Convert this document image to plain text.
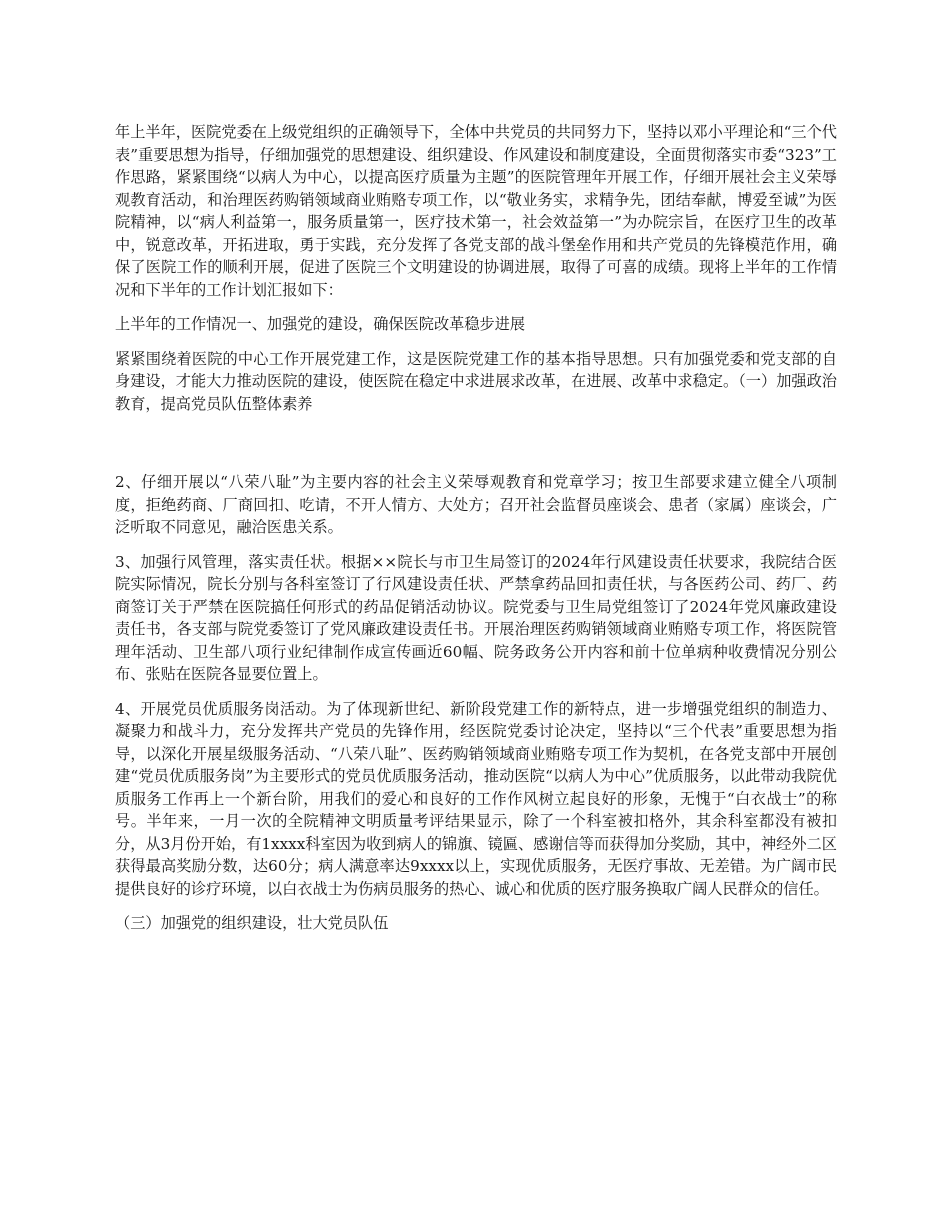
年上半年，医院党委在上级党组织的正确领导下，全体中共党员的共同努力下，坚持以邓小平理论和“三个代表”重要思想为指导，仔细加强党的思想建设、组织建设、作风建设和制度建设，全面贯彻落实市委“323”工作思路，紧紧围绕“以病人为中心，以提高医疗质量为主题”的医院管理年开展工作，仔细开展社会主义荣辱观教育活动，和治理医药购销领域商业贿赂专项工作，以“敬业务实，求精争先，团结奉献，博爱至诚”为医院精神，以“病人利益第一，服务质量第一，医疗技术第一，社会效益第一”为办院宗旨，在医疗卫生的改革中，锐意改革，开拓进取，勇于实践，充分发挥了各党支部的战斗堡垒作用和共产党员的先锋模范作用，确保了医院工作的顺利开展，促进了医院三个文明建设的协调进展，取得了可喜的成绩。现将上半年的工作情况和下半年的工作计划汇报如下：

上半年的工作情况一、加强党的建设，确保医院改革稳步进展

紧紧围绕着医院的中心工作开展党建工作，这是医院党建工作的基本指导思想。只有加强党委和党支部的自身建设，才能大力推动医院的建设，使医院在稳定中求进展求改革，在进展、改革中求稳定。（一）加强政治教育，提高党员队伍整体素养

2、仔细开展以“八荣八耻”为主要内容的社会主义荣辱观教育和党章学习；按卫生部要求建立健全八项制度，拒绝药商、厂商回扣、吃请，不开人情方、大处方；召开社会监督员座谈会、患者（家属）座谈会，广泛听取不同意见，融洽医患关系。

3、加强行风管理，落实责任状。根据××院长与市卫生局签订的2024年行风建设责任状要求，我院结合医院实际情况，院长分别与各科室签订了行风建设责任状、严禁拿药品回扣责任状，与各医药公司、药厂、药商签订关于严禁在医院搞任何形式的药品促销活动协议。院党委与卫生局党组签订了2024年党风廉政建设责任书，各支部与院党委签订了党风廉政建设责任书。开展治理医药购销领域商业贿赂专项工作，将医院管理年活动、卫生部八项行业纪律制作成宣传画近60幅、院务政务公开内容和前十位单病种收费情况分别公布、张贴在医院各显要位置上。

4、开展党员优质服务岗活动。为了体现新世纪、新阶段党建工作的新特点，进一步增强党组织的制造力、凝聚力和战斗力，充分发挥共产党员的先锋作用，经医院党委讨论决定，坚持以“三个代表”重要思想为指导，以深化开展星级服务活动、“八荣八耻”、医药购销领域商业贿赂专项工作为契机，在各党支部中开展创建“党员优质服务岗”为主要形式的党员优质服务活动，推动医院“以病人为中心”优质服务，以此带动我院优质服务工作再上一个新台阶，用我们的爱心和良好的工作作风树立起良好的形象，无愧于“白衣战士”的称号。半年来，一月一次的全院精神文明质量考评结果显示，除了一个科室被扣格外，其余科室都没有被扣分，从3月份开始，有1xxxx科室因为收到病人的锦旗、镜匾、感谢信等而获得加分奖励，其中，神经外二区获得最高奖励分数，达60分；病人满意率达9xxxx以上，实现优质服务，无医疗事故、无差错。为广阔市民提供良好的诊疗环境，以白衣战士为伤病员服务的热心、诚心和优质的医疗服务换取广阔人民群众的信任。

（三）加强党的组织建设，壮大党员队伍
